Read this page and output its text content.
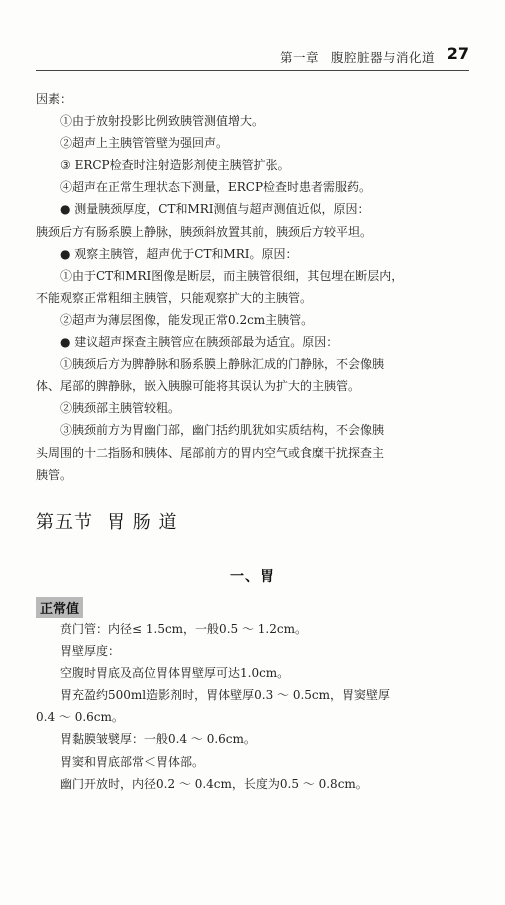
第一章 腹腔脏器与消化道 27
因素：
①由于放射投影比例致胰管测值增大。
②超声上主胰管管壁为强回声。
③ ERCP检查时注射造影剂使主胰管扩张。
④超声在正常生理状态下测量，ERCP检查时患者需服药。
● 测量胰颈厚度，CT和MRI测值与超声测值近似，原因：
胰颈后方有肠系膜上静脉，胰颈斜放置其前，胰颈后方较平坦。
● 观察主胰管，超声优于CT和MRI。原因：
①由于CT和MRI图像是断层，而主胰管很细，其包埋在断层内，
不能观察正常粗细主胰管，只能观察扩大的主胰管。
②超声为薄层图像，能发现正常0.2cm主胰管。
● 建议超声探查主胰管应在胰颈部最为适宜。原因：
①胰颈后方为脾静脉和肠系膜上静脉汇成的门静脉，不会像胰
体、尾部的脾静脉，嵌入胰腺可能将其误认为扩大的主胰管。
②胰颈部主胰管较粗。
③胰颈前方为胃幽门部，幽门括约肌犹如实质结构，不会像胰
头周围的十二指肠和胰体、尾部前方的胃内空气或食糜干扰探查主
胰管。
第五节 胃 肠 道
一、胃
正常值
贲门管：内径≤ 1.5cm，一般0.5 ～ 1.2cm。
胃壁厚度：
空腹时胃底及高位胃体胃壁厚可达1.0cm。
胃充盈约500ml造影剂时，胃体壁厚0.3 ～ 0.5cm，胃窦壁厚
0.4 ～ 0.6cm。
胃黏膜皱襞厚：一般0.4 ～ 0.6cm。
胃窦和胃底部常＜胃体部。
幽门开放时，内径0.2 ～ 0.4cm，长度为0.5 ～ 0.8cm。
